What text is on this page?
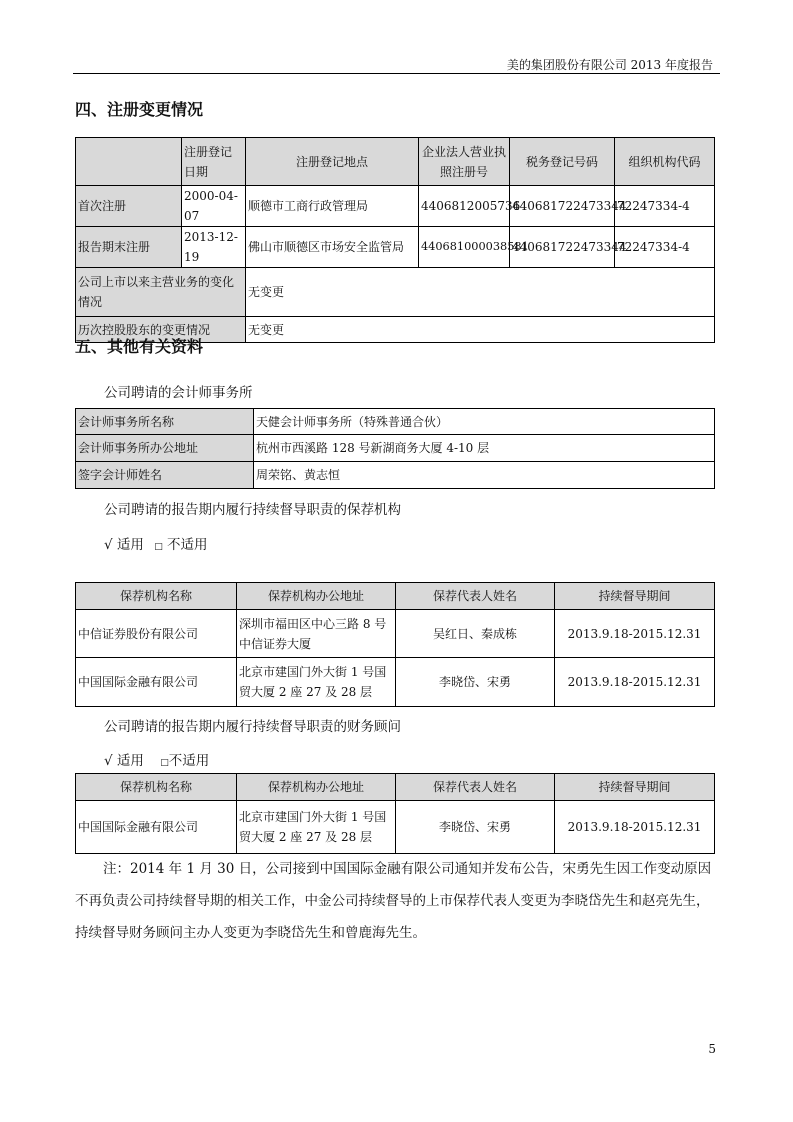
美的集团股份有限公司 2013 年度报告
四、注册变更情况
	注册登记日期	注册登记地点	企业法人营业执照注册号	税务登记号码	组织机构代码
首次注册	2000-04-07	顺德市工商行政管理局	4406812005736	440681722473344	72247334-4
报告期末注册	2013-12-19	佛山市顺德区市场安全监管局	440681000038581	440681722473344	72247334-4
公司上市以来主营业务的变化情况		无变更			
历次控股股东的变更情况		无变更			
五、其他有关资料
公司聘请的会计师事务所
会计师事务所名称	天健会计师事务所（特殊普通合伙）
会计师事务所办公地址	杭州市西溪路 128 号新湖商务大厦 4-10 层
签字会计师姓名	周荣铭、黄志恒
公司聘请的报告期内履行持续督导职责的保荐机构
√ 适用 □ 不适用
保荐机构名称	保荐机构办公地址	保荐代表人姓名	持续督导期间
中信证券股份有限公司	深圳市福田区中心三路 8 号中信证券大厦	吴红日、秦成栋	2013.9.18-2015.12.31
中国国际金融有限公司	北京市建国门外大街 1 号国贸大厦 2 座 27 及 28 层	李晓岱、宋勇	2013.9.18-2015.12.31
公司聘请的报告期内履行持续督导职责的财务顾问
√ 适用 □不适用
保荐机构名称	保荐机构办公地址	保荐代表人姓名	持续督导期间
中国国际金融有限公司	北京市建国门外大街 1 号国贸大厦 2 座 27 及 28 层	李晓岱、宋勇	2013.9.18-2015.12.31
注：2014 年 1 月 30 日，公司接到中国国际金融有限公司通知并发布公告，宋勇先生因工作变动原因不再负责公司持续督导期的相关工作，中金公司持续督导的上市保荐代表人变更为李晓岱先生和赵亮先生，持续督导财务顾问主办人变更为李晓岱先生和曾鹿海先生。
5
